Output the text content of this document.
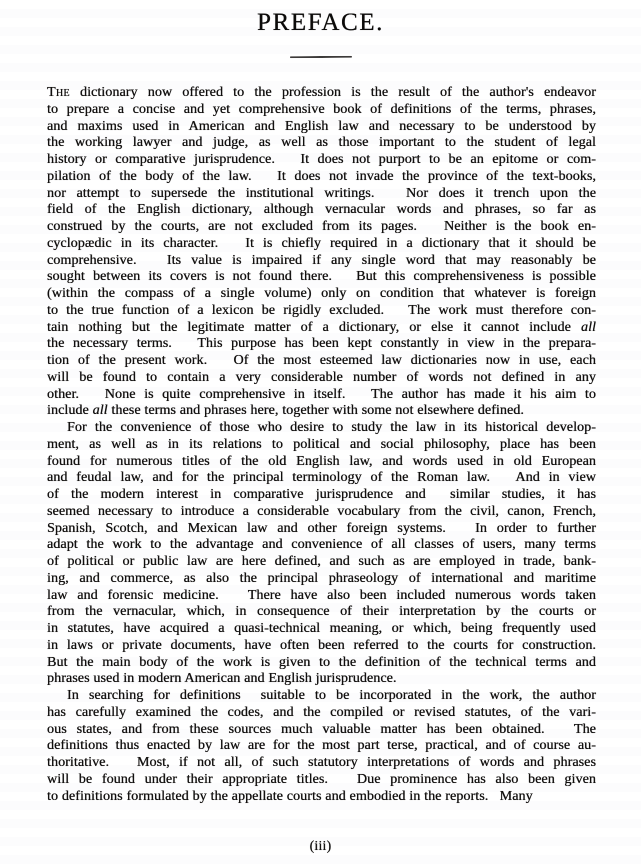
PREFACE.
The dictionary now offered to the profession is the result of the author's endeavor
to prepare a concise and yet comprehensive book of definitions of the terms, phrases,
and maxims used in American and English law and necessary to be understood by
the working lawyer and judge, as well as those important to the student of legal
history or comparative jurisprudence.   It does not purport to be an epitome or com-
pilation of the body of the law.   It does not invade the province of the text-books,
nor attempt to supersede the institutional writings.   Nor does it trench upon the
field of the English dictionary, although vernacular words and phrases, so far as
construed by the courts, are not excluded from its pages.   Neither is the book en-
cyclopædic in its character.   It is chiefly required in a dictionary that it should be
comprehensive.   Its value is impaired if any single word that may reasonably be
sought between its covers is not found there.   But this comprehensiveness is possible
(within the compass of a single volume) only on condition that whatever is foreign
to the true function of a lexicon be rigidly excluded.   The work must therefore con-
tain nothing but the legitimate matter of a dictionary, or else it cannot include all
the necessary terms.   This purpose has been kept constantly in view in the prepara-
tion of the present work.   Of the most esteemed law dictionaries now in use, each
will be found to contain a very considerable number of words not defined in any
other.   None is quite comprehensive in itself.   The author has made it his aim to
include all these terms and phrases here, together with some not elsewhere defined.
For the convenience of those who desire to study the law in its historical develop-
ment, as well as in its relations to political and social philosophy, place has been
found for numerous titles of the old English law, and words used in old European
and feudal law, and for the principal terminology of the Roman law.   And in view
of the modern interest in comparative jurisprudence and  similar studies, it has
seemed necessary to introduce a considerable vocabulary from the civil, canon, French,
Spanish, Scotch, and Mexican law and other foreign systems.   In order to further
adapt the work to the advantage and convenience of all classes of users, many terms
of political or public law are here defined, and such as are employed in trade, bank-
ing, and commerce, as also the principal phraseology of international and maritime
law and forensic medicine.   There have also been included numerous words taken
from the vernacular, which, in consequence of their interpretation by the courts or
in statutes, have acquired a quasi-technical meaning, or which, being frequently used
in laws or private documents, have often been referred to the courts for construction.
But the main body of the work is given to the definition of the technical terms and
phrases used in modern American and English jurisprudence.
In searching for definitions  suitable to be incorporated in the work, the author
has carefully examined the codes, and the compiled or revised statutes, of the vari-
ous states, and from these sources much valuable matter has been obtained.   The
definitions thus enacted by law are for the most part terse, practical, and of course au-
thoritative.   Most, if not all, of such statutory interpretations of words and phrases
will be found under their appropriate titles.   Due prominence has also been given
to definitions formulated by the appellate courts and embodied in the reports.   Many
(iii)
